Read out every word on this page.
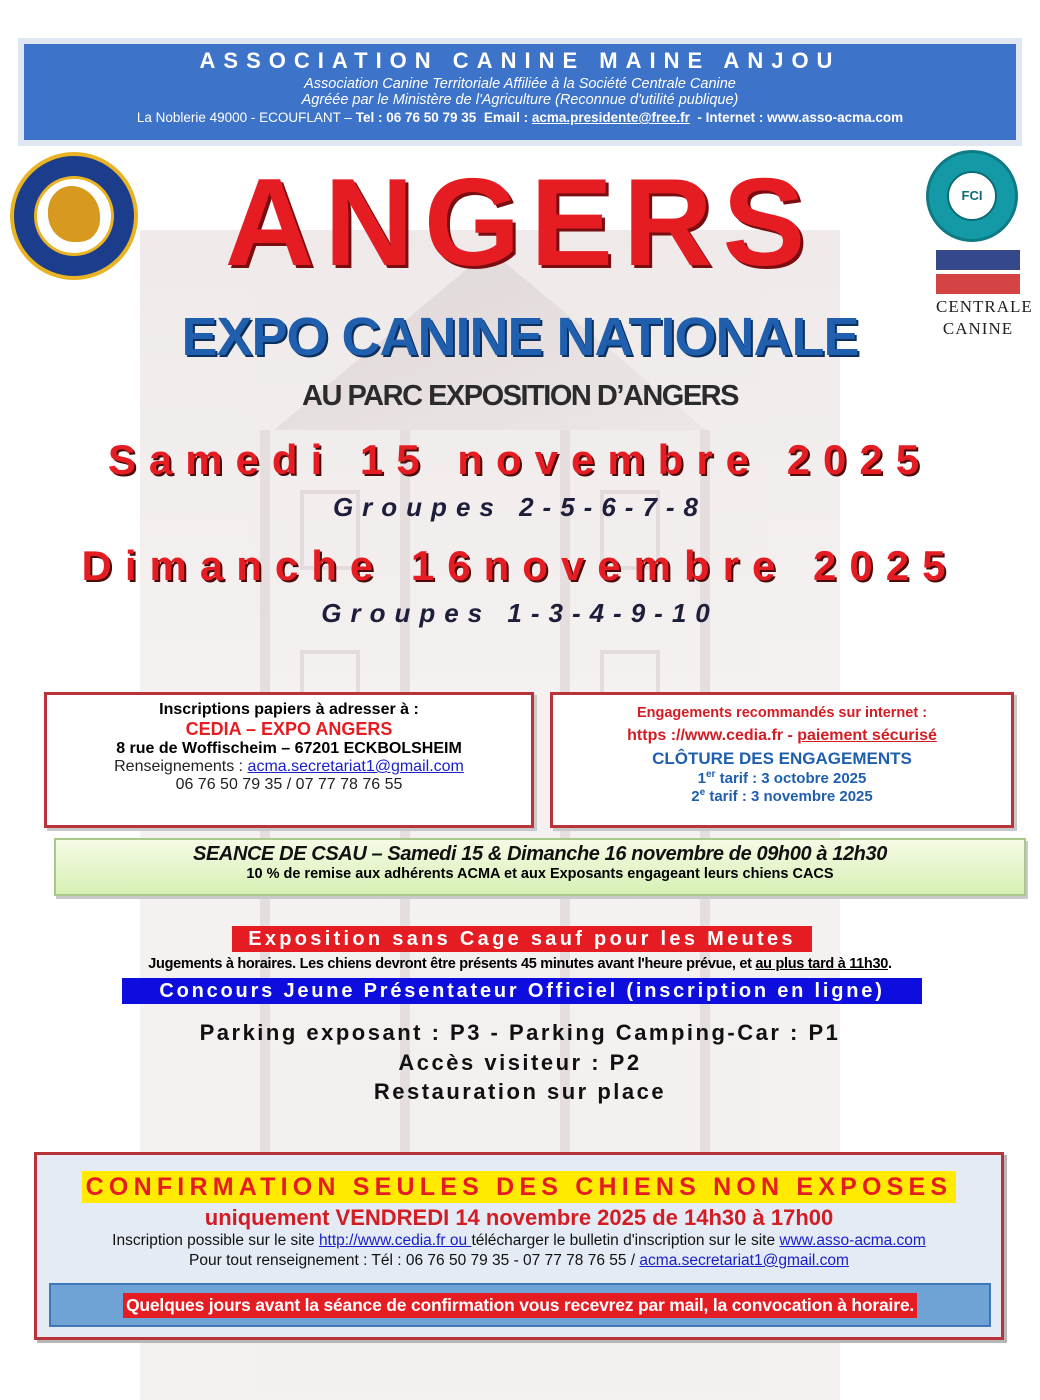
ASSOCIATION CANINE MAINE ANJOU
Association Canine Territoriale Affiliée à la Société Centrale Canine
Agréée par le Ministère de l'Agriculture (Reconnue d'utilité publique)
La Noblerie 49000 - ECOUFLANT – Tel : 06 76 50 79 35 Email : acma.presidente@free.fr - Internet : www.asso-acma.com
FCI
CENTRALE
CANINE
ANGERS
EXPO CANINE NATIONALE
AU PARC EXPOSITION D’ANGERS
Samedi 15 novembre 2025
Groupes 2-5-6-7-8
Dimanche 16novembre 2025
Groupes 1-3-4-9-10
Inscriptions papiers à adresser à :
CEDIA – EXPO ANGERS
8 rue de Woffischeim – 67201 ECKBOLSHEIM
Renseignements : acma.secretariat1@gmail.com
06 76 50 79 35 / 07 77 78 76 55
Engagements recommandés sur internet :
https ://www.cedia.fr - paiement sécurisé
CLÔTURE DES ENGAGEMENTS
1er tarif : 3 octobre 2025
2e tarif : 3 novembre 2025
SEANCE DE CSAU – Samedi 15 & Dimanche 16 novembre de 09h00 à 12h30
10 % de remise aux adhérents ACMA et aux Exposants engageant leurs chiens CACS
Exposition sans Cage sauf pour les Meutes
Jugements à horaires. Les chiens devront être présents 45 minutes avant l'heure prévue, et au plus tard à 11h30.
Concours Jeune Présentateur Officiel (inscription en ligne)
Parking exposant : P3 - Parking Camping-Car : P1
Accès visiteur : P2
Restauration sur place
CONFIRMATION SEULES DES CHIENS NON EXPOSES
uniquement VENDREDI 14 novembre 2025 de 14h30 à 17h00
Inscription possible sur le site http://www.cedia.fr ou télécharger le bulletin d'inscription sur le site www.asso-acma.com
Pour tout renseignement : Tél : 06 76 50 79 35 - 07 77 78 76 55 / acma.secretariat1@gmail.com
Quelques jours avant la séance de confirmation vous recevrez par mail, la convocation à horaire.
